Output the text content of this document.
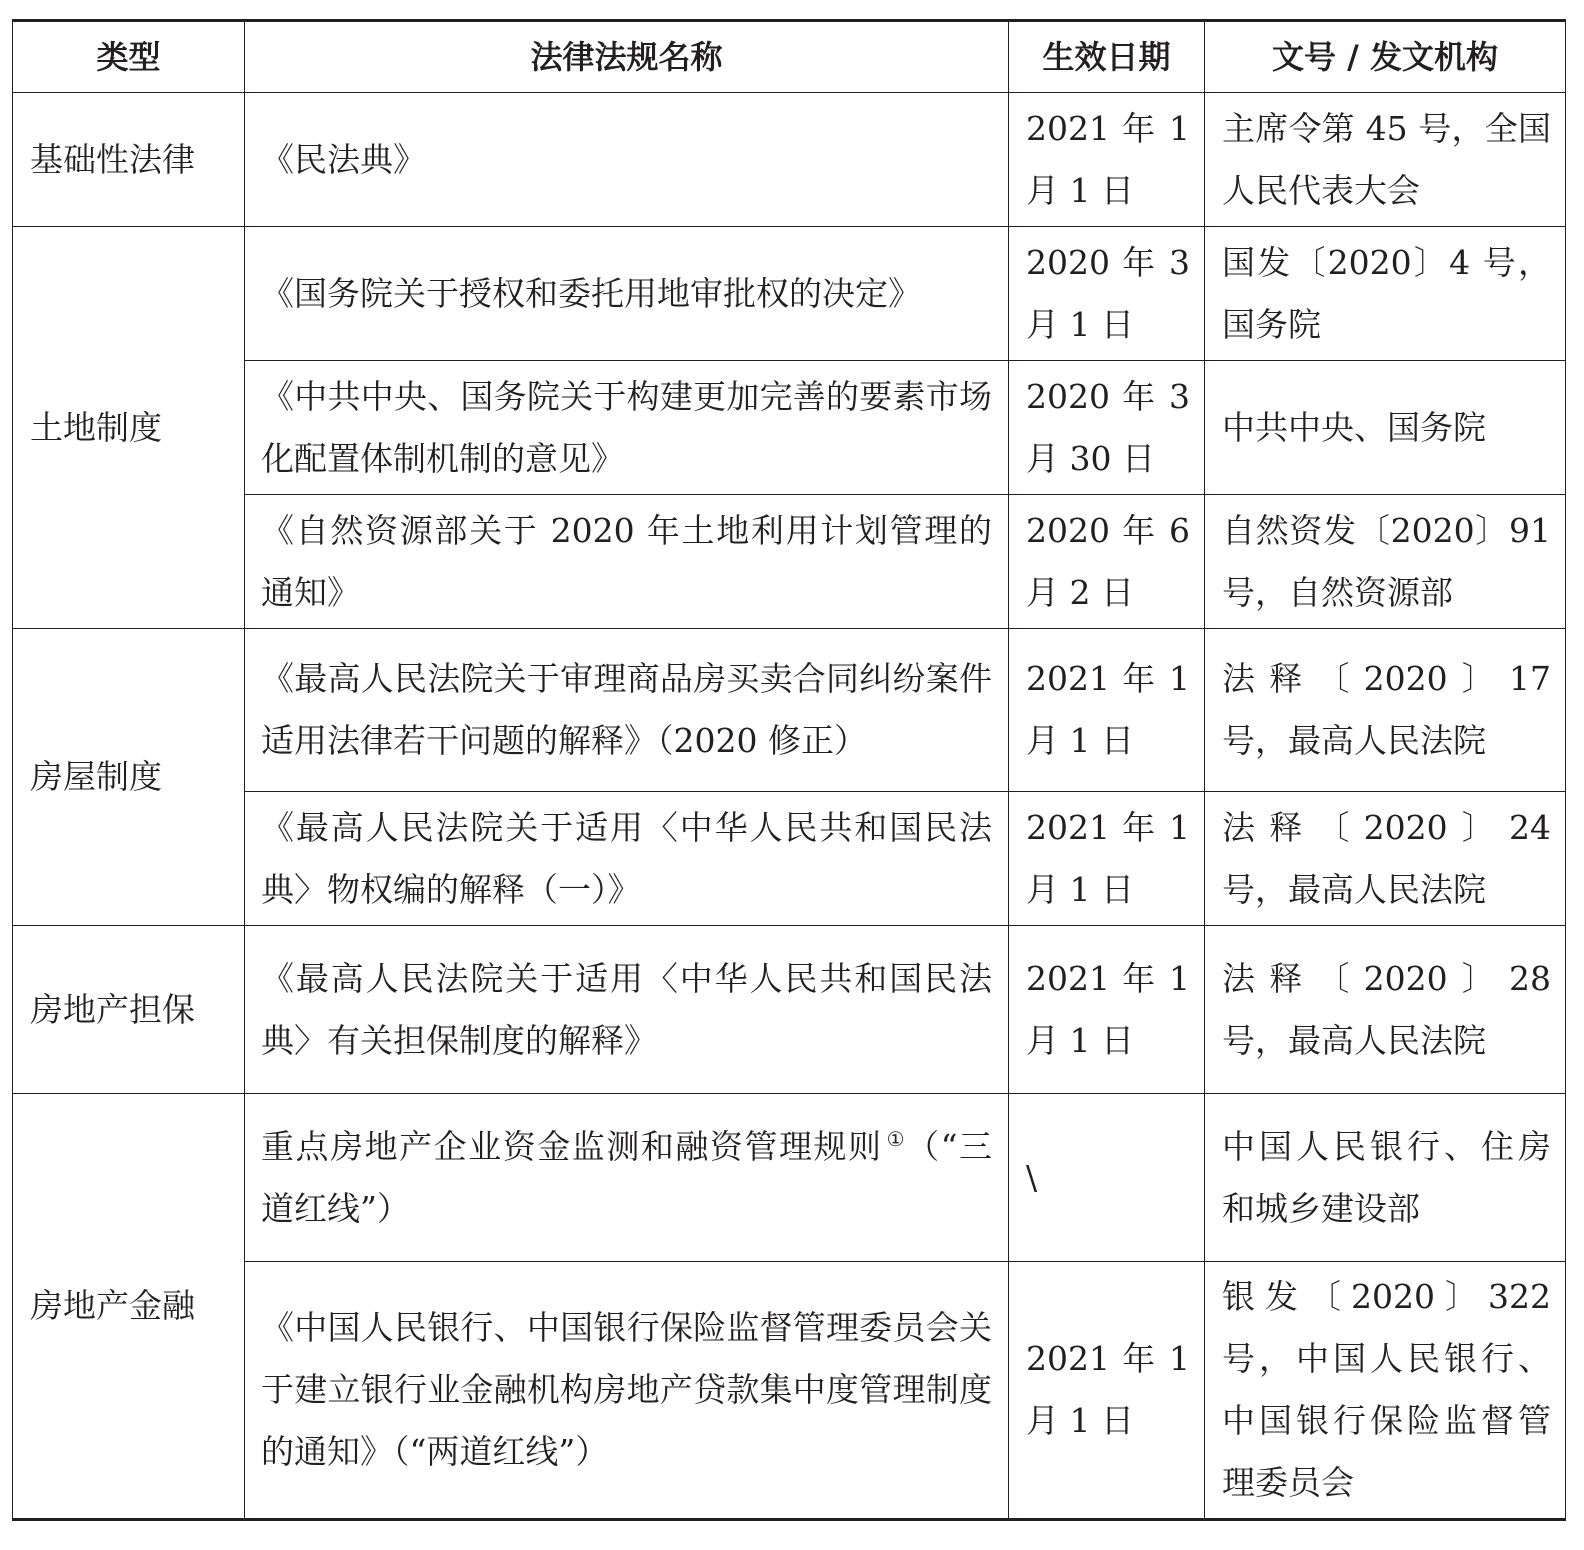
类型	法律法规名称	生效日期	文号 / 发文机构
基础性法律	《民法典》	2021 年 1 月 1 日	主席令第 45 号，全国人民代表大会
土地制度	《国务院关于授权和委托用地审批权的决定》	2020 年 3 月 1 日	国发〔2020〕4 号，国务院
	《中共中央、国务院关于构建更加完善的要素市场化配置体制机制的意见》	2020 年 3 月 30 日	中共中央、国务院
	《自然资源部关于 2020 年土地利用计划管理的通知》	2020 年 6 月 2 日	自然资发〔2020〕91 号，自然资源部
房屋制度	《最高人民法院关于审理商品房买卖合同纠纷案件适用法律若干问题的解释》（2020 修正）	2021 年 1 月 1 日	法释〔2020〕17 号，最高人民法院
	《最高人民法院关于适用〈中华人民共和国民法典〉物权编的解释（一）》	2021 年 1 月 1 日	法释〔2020〕24 号，最高人民法院
房地产担保	《最高人民法院关于适用〈中华人民共和国民法典〉有关担保制度的解释》	2021 年 1 月 1 日	法释〔2020〕28 号，最高人民法院
房地产金融	重点房地产企业资金监测和融资管理规则 ①（“三道红线”）	\	中国人民银行、住房和城乡建设部
	《中国人民银行、中国银行保险监督管理委员会关于建立银行业金融机构房地产贷款集中度管理制度的通知》（“两道红线”）	2021 年 1 月 1 日	银发〔2020〕322号，中国人民银行、中国银行保险监督管理委员会
